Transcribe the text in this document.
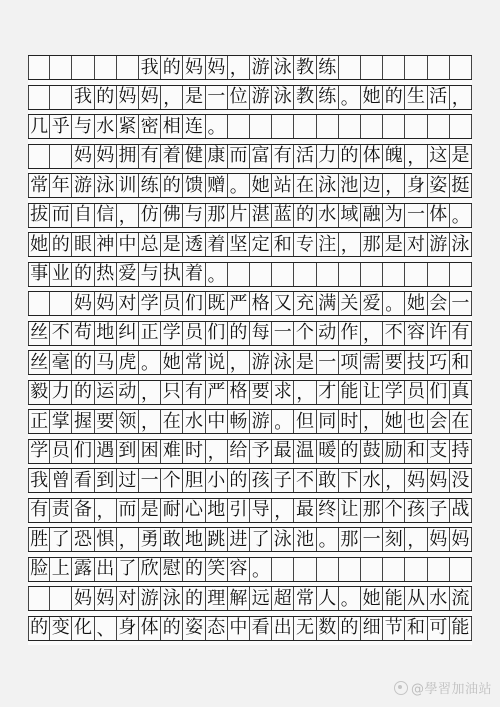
我 的 妈 妈 ， 游 泳 教 练
我 的 妈 妈 ， 是 一 位 游 泳 教 练 。 她 的 生 活 ，
几 乎 与 水 紧 密 相 连 。
妈 妈 拥 有 着 健 康 而 富 有 活 力 的 体 魄 ， 这 是
常 年 游 泳 训 练 的 馈 赠 。 她 站 在 泳 池 边 ， 身 姿 挺
拔 而 自 信 ， 仿 佛 与 那 片 湛 蓝 的 水 域 融 为 一 体 。
她 的 眼 神 中 总 是 透 着 坚 定 和 专 注 ， 那 是 对 游 泳
事 业 的 热 爱 与 执 着 。
妈 妈 对 学 员 们 既 严 格 又 充 满 关 爱 。 她 会 一
丝 不 苟 地 纠 正 学 员 们 的 每 一 个 动 作 ， 不 容 许 有
丝 毫 的 马 虎 。 她 常 说 ， 游 泳 是 一 项 需 要 技 巧 和
毅 力 的 运 动 ， 只 有 严 格 要 求 ， 才 能 让 学 员 们 真
正 掌 握 要 领 ， 在 水 中 畅 游 。 但 同 时 ， 她 也 会 在
学 员 们 遇 到 困 难 时 ， 给 予 最 温 暖 的 鼓 励 和 支 持
我 曾 看 到 过 一 个 胆 小 的 孩 子 不 敢 下 水 ， 妈 妈 没
有 责 备 ， 而 是 耐 心 地 引 导 ， 最 终 让 那 个 孩 子 战
胜 了 恐 惧 ， 勇 敢 地 跳 进 了 泳 池 。 那 一 刻 ， 妈 妈
脸 上 露 出 了 欣 慰 的 笑 容 。
妈 妈 对 游 泳 的 理 解 远 超 常 人 。 她 能 从 水 流
的 变 化 、 身 体 的 姿 态 中 看 出 无 数 的 细 节 和 可 能
@學習加油站
